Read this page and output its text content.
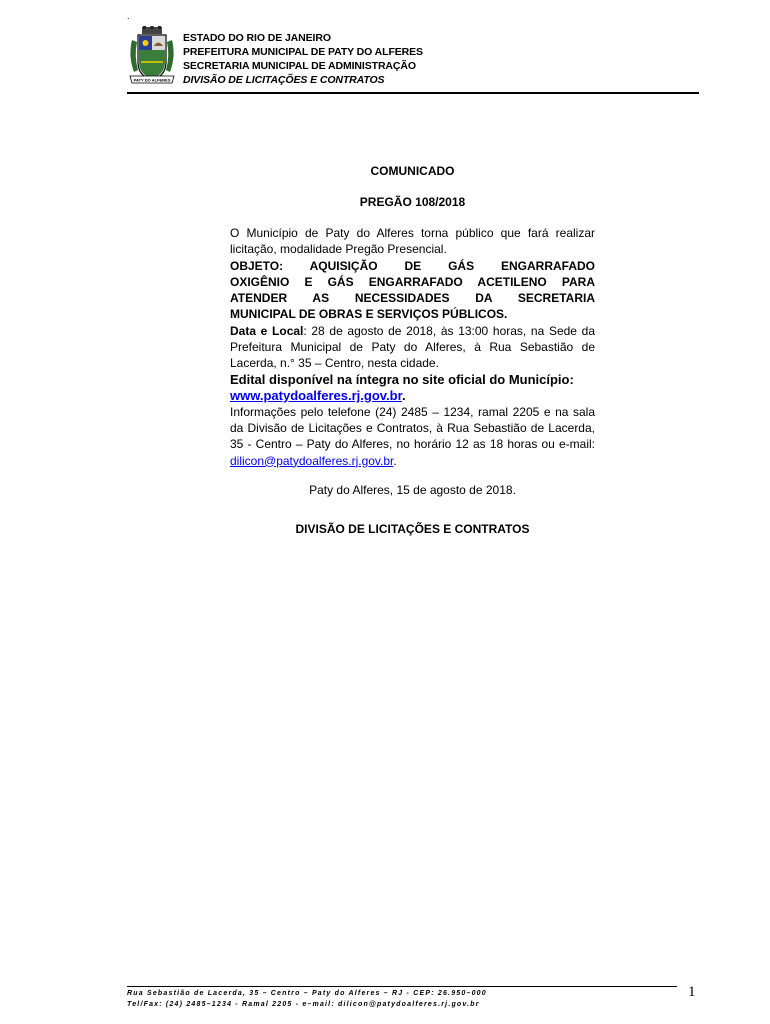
.
PATY DO ALFERES
ESTADO DO RIO DE JANEIRO
PREFEITURA MUNICIPAL DE PATY DO ALFERES
SECRETARIA MUNICIPAL DE ADMINISTRAÇÃO
DIVISÃO DE LICITAÇÕES E CONTRATOS
COMUNICADO
PREGÃO 108/2018

O Município de Paty do Alferes torna público que fará realizar licitação, modalidade Pregão Presencial.

OBJETO: AQUISIÇÃO DE GÁS ENGARRAFADO
OXIGÊNIO E GÁS ENGARRAFADO ACETILENO PARA
ATENDER AS NECESSIDADES DA SECRETARIA
MUNICIPAL DE OBRAS E SERVIÇOS PÚBLICOS.

Data e Local: 28 de agosto de 2018, às 13:00 horas, na Sede da Prefeitura Municipal de Paty do Alferes, à Rua Sebastião de Lacerda, n.° 35 – Centro, nesta cidade.

Edital disponível na íntegra no site oficial do Município:
www.patydoalferes.rj.gov.br.

Informações pelo telefone (24) 2485 – 1234, ramal 2205 e na sala da Divisão de Licitações e Contratos, à Rua Sebastião de Lacerda, 35 - Centro – Paty do Alferes, no horário 12 as 18 horas ou e-mail: dilicon@patydoalferes.rj.gov.br.

Paty do Alferes, 15 de agosto de 2018.
DIVISÃO DE LICITAÇÕES E CONTRATOS
Rua Sebastião de Lacerda, 35 – Centro – Paty do Alferes – RJ - CEP: 26.950–000
Tel/Fax: (24) 2485–1234 - Ramal 2205 - e–mail: dilicon@patydoalferes.rj.gov.br
1
